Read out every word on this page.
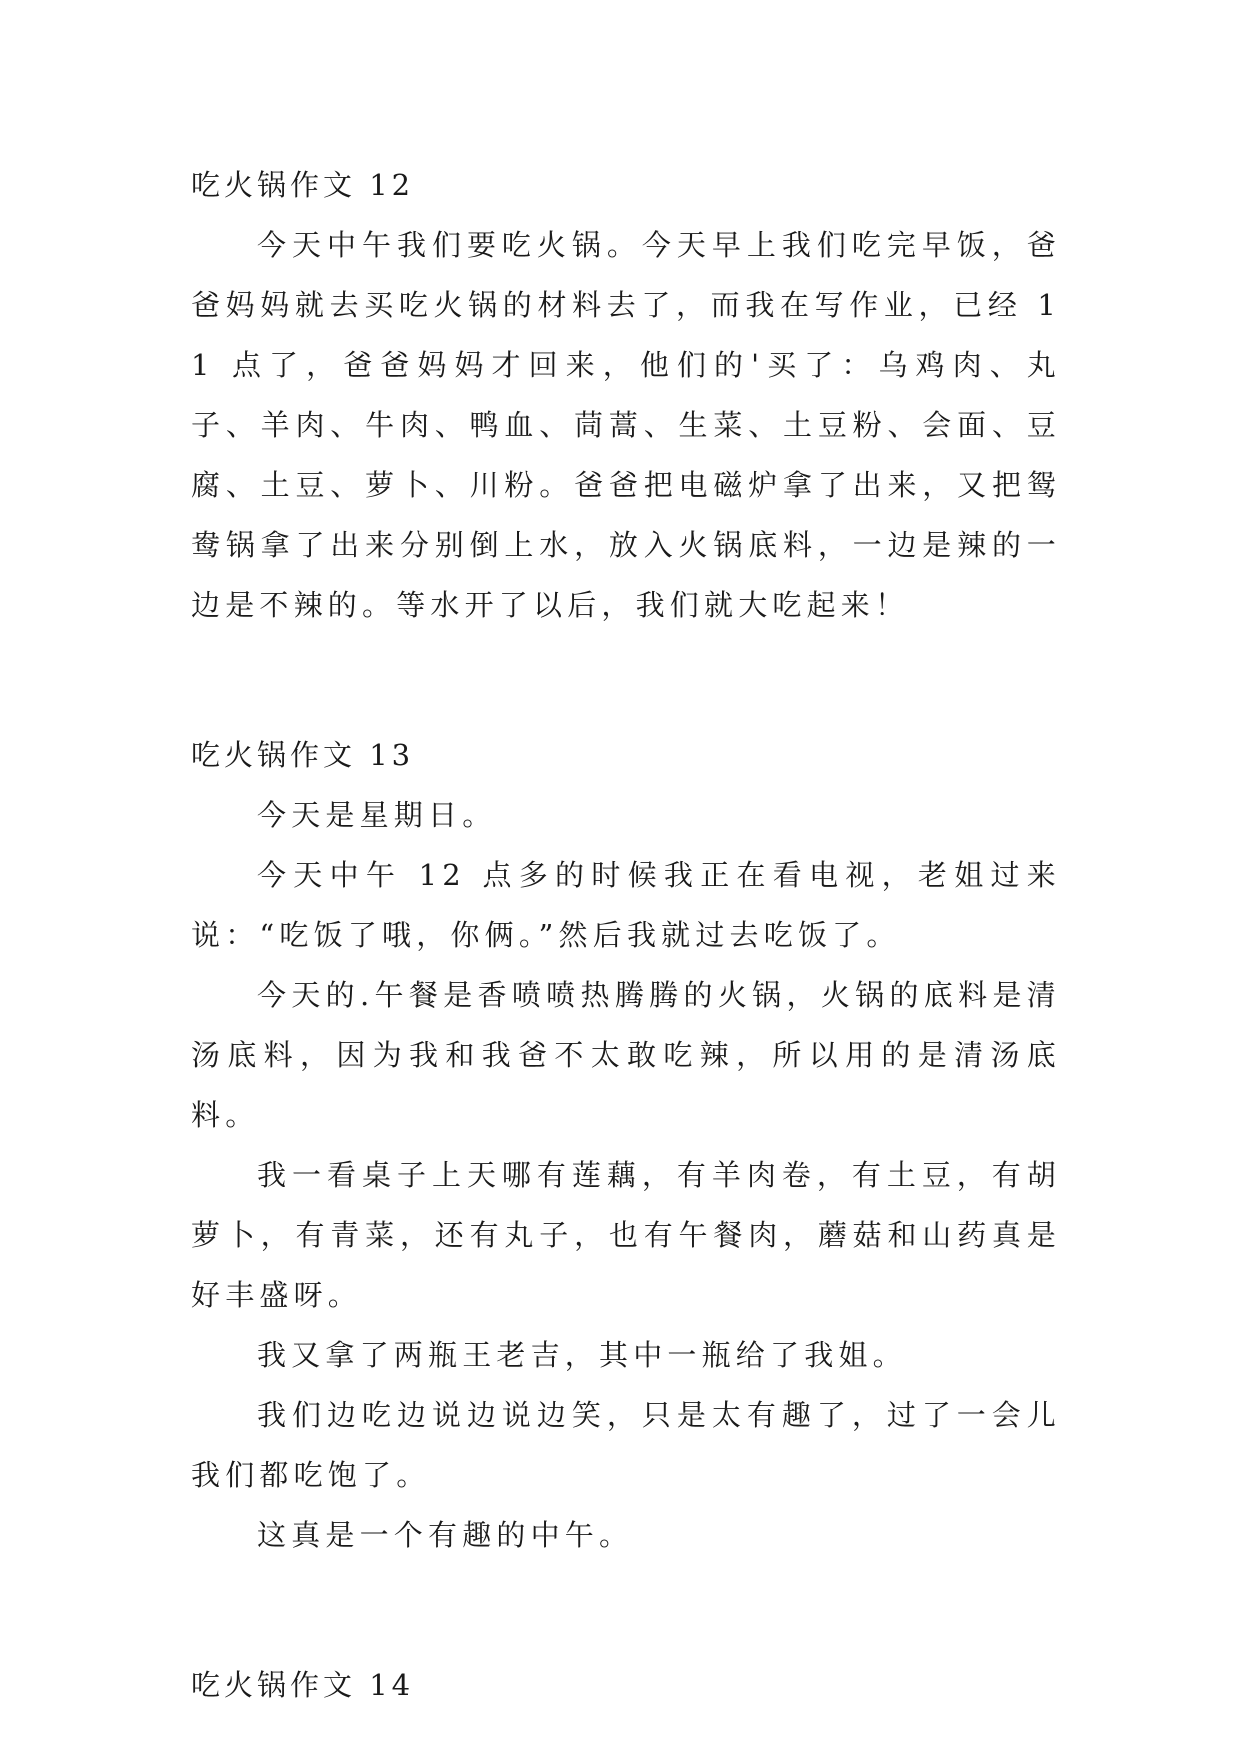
吃火锅作文 12

今天中午我们要吃火锅。今天早上我们吃完早饭，爸爸妈妈就去买吃火锅的材料去了，而我在写作业，已经 11 点了，爸爸妈妈才回来，他们的'买了：乌鸡肉、丸子、羊肉、牛肉、鸭血、茼蒿、生菜、土豆粉、会面、豆腐、土豆、萝卜、川粉。爸爸把电磁炉拿了出来，又把鸳鸯锅拿了出来分别倒上水，放入火锅底料，一边是辣的一边是不辣的。等水开了以后，我们就大吃起来！

吃火锅作文 13

今天是星期日。

今天中午 12 点多的时候我正在看电视，老姐过来说：“吃饭了哦，你俩。”然后我就过去吃饭了。

今天的.午餐是香喷喷热腾腾的火锅，火锅的底料是清汤底料，因为我和我爸不太敢吃辣，所以用的是清汤底料。

我一看桌子上天哪有莲藕，有羊肉卷，有土豆，有胡萝卜，有青菜，还有丸子，也有午餐肉，蘑菇和山药真是好丰盛呀。

我又拿了两瓶王老吉，其中一瓶给了我姐。

我们边吃边说边说边笑，只是太有趣了，过了一会儿我们都吃饱了。

这真是一个有趣的中午。

吃火锅作文 14
